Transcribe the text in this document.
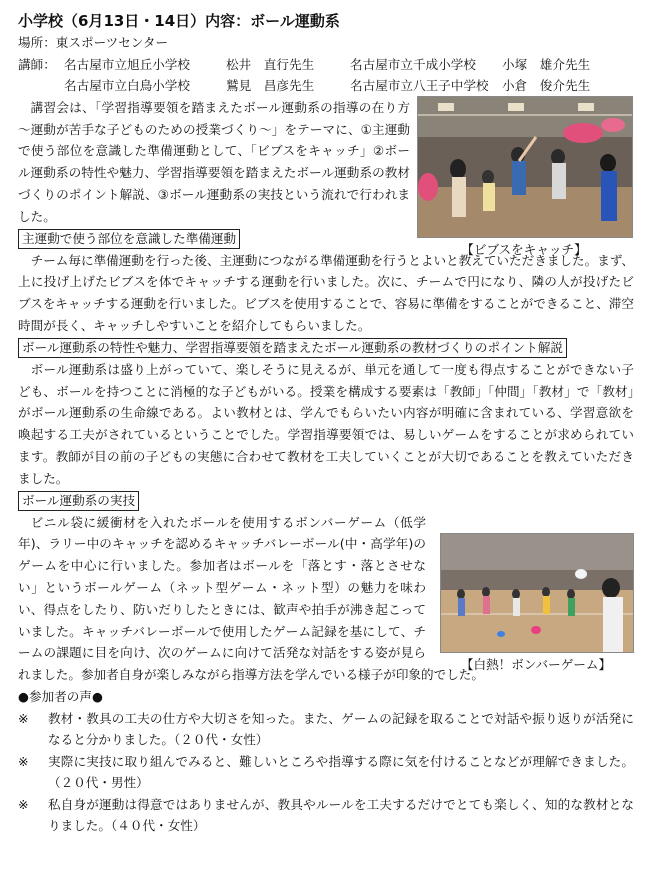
小学校（6月13日・14日）内容：ボール運動系

場所：東スポーツセンター

講師： 名古屋市立旭丘小学校	松井　直行先生	名古屋市立千成小学校	小塚　雄介先生
名古屋市立白鳥小学校	鷲見　昌彦先生	名古屋市立八王子中学校	小倉　俊介先生

講習会は、「学習指導要領を踏まえたボール運動系の指導の在り方～運動が苦手な子どものための授業づくり～」をテーマに、①主運動で使う部位を意識した準備運動として、「ビブスをキャッチ」②ボール運動系の特性や魅力、学習指導要領を踏まえたボール運動系の教材づくりのポイント解説、③ボール運動系の実技という流れで行われました。

主運動で使う部位を意識した準備運動

チーム毎に準備運動を行った後、主運動につながる準備運動を行うとよいと教えていただきました。まず、上に投げ上げたビブスを体でキャッチする運動を行いました。次に、チームで円になり、隣の人が投げたビブスをキャッチする運動を行いました。ビブスを使用することで、容易に準備をすることができること、滞空時間が長く、キャッチしやすいことを紹介してもらいました。

ボール運動系の特性や魅力、学習指導要領を踏まえたボール運動系の教材づくりのポイント解説

ボール運動系は盛り上がっていて、楽しそうに見えるが、単元を通して一度も得点することができない子ども、ボールを持つことに消極的な子どもがいる。授業を構成する要素は「教師」「仲間」「教材」で「教材」がボール運動系の生命線である。よい教材とは、学んでもらいたい内容が明確に含まれている、学習意欲を喚起する工夫がされているということでした。学習指導要領では、易しいゲームをすることが求められています。教師が目の前の子どもの実態に合わせて教材を工夫していくことが大切であることを教えていただきました。

ボール運動系の実技

ビニル袋に緩衝材を入れたボールを使用するボンバーゲーム（低学年)、ラリー中のキャッチを認めるキャッチバレーボール(中・高学年)のゲームを中心に行いました。参加者はボールを「落とす・落とさせない」というボールゲーム（ネット型ゲーム・ネット型）の魅力を味わい、得点をしたり、防いだりしたときには、歓声や拍手が沸き起こっていました。キャッチバレーボールで使用したゲーム記録を基にして、チームの課題に目を向け、次のゲームに向けて活発な対話をする姿が見られました。参加者自身が楽しみながら指導方法を学んでいる様子が印象的でした。

●参加者の声●

※	教材・教具の工夫の仕方や大切さを知った。また、ゲームの記録を取ることで対話や振り返りが活発になると分かりました。（２０代・女性）
※	実際に実技に取り組んでみると、難しいところや指導する際に気を付けることなどが理解できました。（２０代・男性）
※	私自身が運動は得意ではありませんが、教具やルールを工夫するだけでとても楽しく、知的な教材となりました。（４０代・女性）
【ビブスをキャッチ】
【白熱！ボンバーゲーム】
